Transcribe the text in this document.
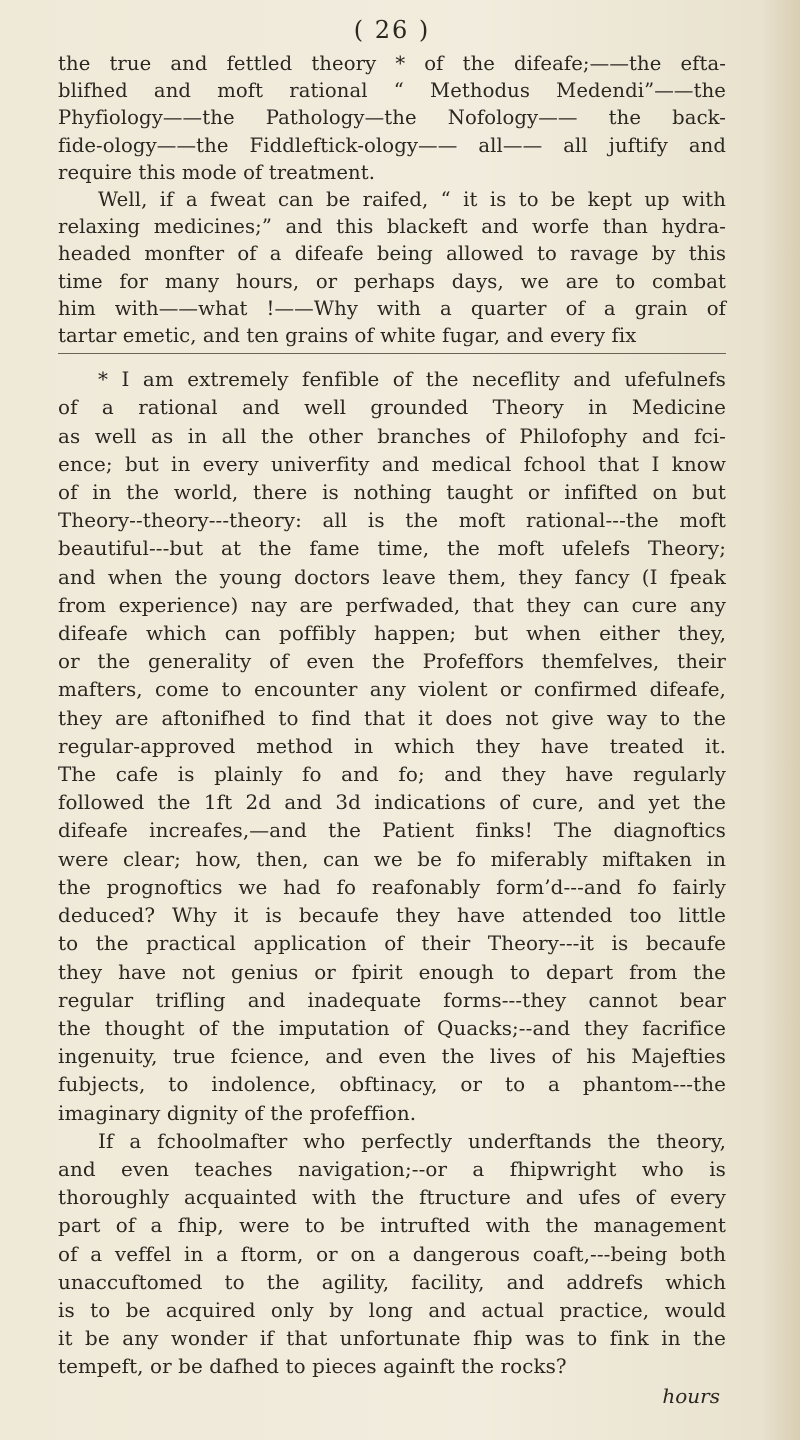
( 26 )
the true and fettled theory * of the difeafe;——the efta-
blifhed and moft rational “ Methodus Medendi”——the
Phyfiology——the Pathology—the Nofology—— the back-
fide-ology——the Fiddleftick-ology—— all—— all juftify and
require this mode of treatment.
Well, if a fweat can be raifed, “ it is to be kept up with
relaxing medicines;” and this blackeft and worfe than hydra-
headed monfter of a difeafe being allowed to ravage by this
time for many hours, or perhaps days, we are to combat
him with——what !——Why with a quarter of a grain of
tartar emetic, and ten grains of white fugar, and every fix
* I am extremely fenfible of the neceflity and ufefulnefs
of a rational and well grounded Theory in Medicine
as well as in all the other branches of Philofophy and fci-
ence; but in every univerfity and medical fchool that I know
of in the world, there is nothing taught or infifted on but
Theory--theory---theory: all is the moft rational---the moft
beautiful---but at the fame time, the moft ufelefs Theory;
and when the young doctors leave them, they fancy (I fpeak
from experience) nay are perfwaded, that they can cure any
difeafe which can poffibly happen; but when either they,
or the generality of even the Profeffors themfelves, their
mafters, come to encounter any violent or confirmed difeafe,
they are aftonifhed to find that it does not give way to the
regular-approved method in which they have treated it.
The cafe is plainly fo and fo; and they have regularly
followed the 1ft 2d and 3d indications of cure, and yet the
difeafe increafes,—and the Patient finks! The diagnoftics
were clear; how, then, can we be fo miferably miftaken in
the prognoftics we had fo reafonably form’d---and fo fairly
deduced? Why it is becaufe they have attended too little
to the practical application of their Theory---it is becaufe
they have not genius or fpirit enough to depart from the
regular trifling and inadequate forms---they cannot bear
the thought of the imputation of Quacks;--and they facrifice
ingenuity, true fcience, and even the lives of his Majefties
fubjects, to indolence, obftinacy, or to a phantom---the
imaginary dignity of the profeffion.
If a fchoolmafter who perfectly underftands the theory,
and even teaches navigation;--or a fhipwright who is
thoroughly acquainted with the ftructure and ufes of every
part of a fhip, were to be intrufted with the management
of a veffel in a ftorm, or on a dangerous coaft,---being both
unaccuftomed to the agility, facility, and addrefs which
is to be acquired only by long and actual practice, would
it be any wonder if that unfortunate fhip was to fink in the
tempeft, or be dafhed to pieces againft the rocks?
hours
